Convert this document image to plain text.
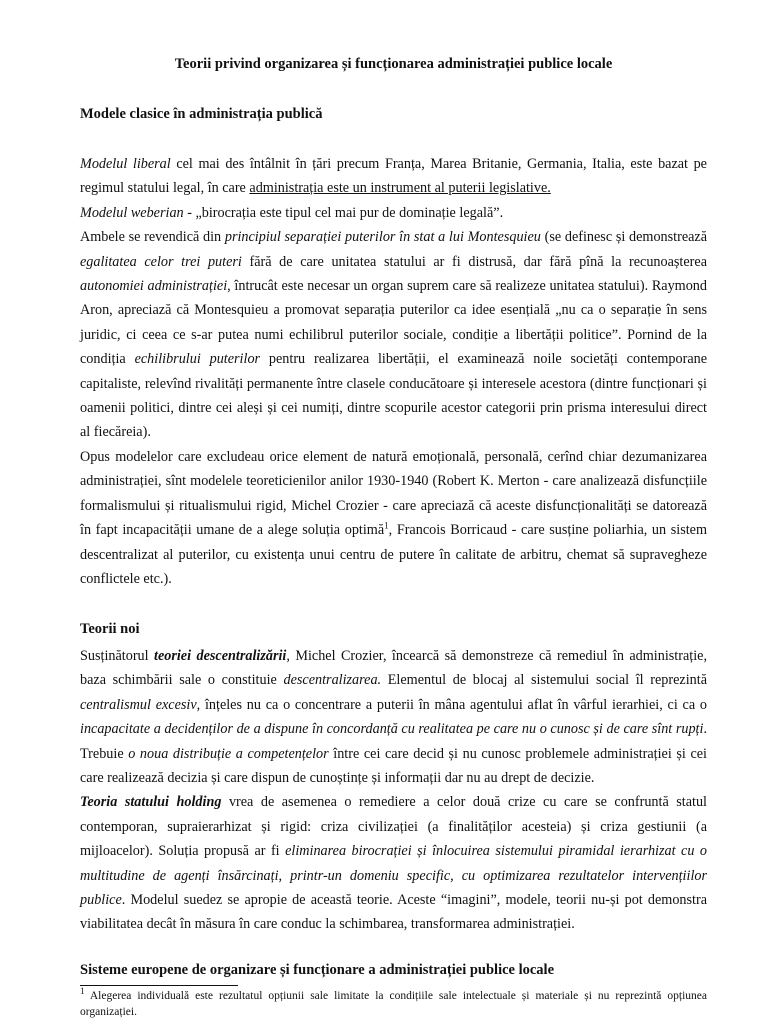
Teorii privind organizarea și funcționarea administrației publice locale
Modele clasice în administrația publică

Modelul liberal cel mai des întâlnit în țări precum Franța, Marea Britanie, Germania, Italia, este bazat pe regimul statului legal, în care administrația este un instrument al puterii legislative.

Modelul weberian - „birocrația este tipul cel mai pur de dominație legală”.

Ambele se revendică din principiul separației puterilor în stat a lui Montesquieu (se definesc și demonstrează egalitatea celor trei puteri fără de care unitatea statului ar fi distrusă, dar fără pînă la recunoașterea autonomiei administrației, întrucât este necesar un organ suprem care să realizeze unitatea statului). Raymond Aron, apreciază că Montesquieu a promovat separația puterilor ca idee esențială „nu ca o separație în sens juridic, ci ceea ce s-ar putea numi echilibrul puterilor sociale, condiție a libertății politice”. Pornind de la condiția echilibrului puterilor pentru realizarea libertății, el examinează noile societăți contemporane capitaliste, relevînd rivalități permanente între clasele conducătoare și interesele acestora (dintre funcționari și oamenii politici, dintre cei aleși și cei numiți, dintre scopurile acestor categorii prin prisma interesului direct al fiecăreia).

Opus modelelor care excludeau orice element de natură emoțională, personală, cerînd chiar dezumanizarea administrației, sînt modelele teoreticienilor anilor 1930-1940 (Robert K. Merton - care analizează disfuncțiile formalismului și ritualismului rigid, Michel Crozier - care apreciază că aceste disfuncționalități se datorează în fapt incapacității umane de a alege soluția optimă$^1$, Francois Borricaud - care susține poliarhia, un sistem descentralizat al puterilor, cu existența unui centru de putere în calitate de arbitru, chemat să supravegheze conflictele etc.).

Teorii noi

Susținătorul teoriei descentralizării, Michel Crozier, încearcă să demonstreze că remediul în administrație, baza schimbării sale o constituie descentralizarea. Elementul de blocaj al sistemului social îl reprezintă centralismul excesiv, înțeles nu ca o concentrare a puterii în mâna agentului aflat în vârful ierarhiei, ci ca o incapacitate a decidenților de a dispune în concordanță cu realitatea pe care nu o cunosc și de care sînt rupți. Trebuie o noua distribuție a competențelor între cei care decid și nu cunosc problemele administrației și cei care realizează decizia și care dispun de cunoștințe și informații dar nu au drept de decizie.

Teoria statului holding vrea de asemenea o remediere a celor două crize cu care se confruntă statul contemporan, supraierarhizat și rigid: criza civilizației (a finalităților acesteia) și criza gestiunii (a mijloacelor). Soluția propusă ar fi eliminarea birocrației și înlocuirea sistemului piramidal ierarhizat cu o multitudine de agenți însărcinați, printr-un domeniu specific, cu optimizarea rezultatelor intervențiilor publice. Modelul suedez se apropie de această teorie. Aceste “imagini”, modele, teorii nu-și pot demonstra viabilitatea decât în măsura în care conduc la schimbarea, transformarea administrației.

Sisteme europene de organizare și funcționare a administrației publice locale

$^1$ Alegerea individuală este rezultatul opțiunii sale limitate la condițiile sale intelectuale și materiale și nu reprezintă opțiunea organizației.
